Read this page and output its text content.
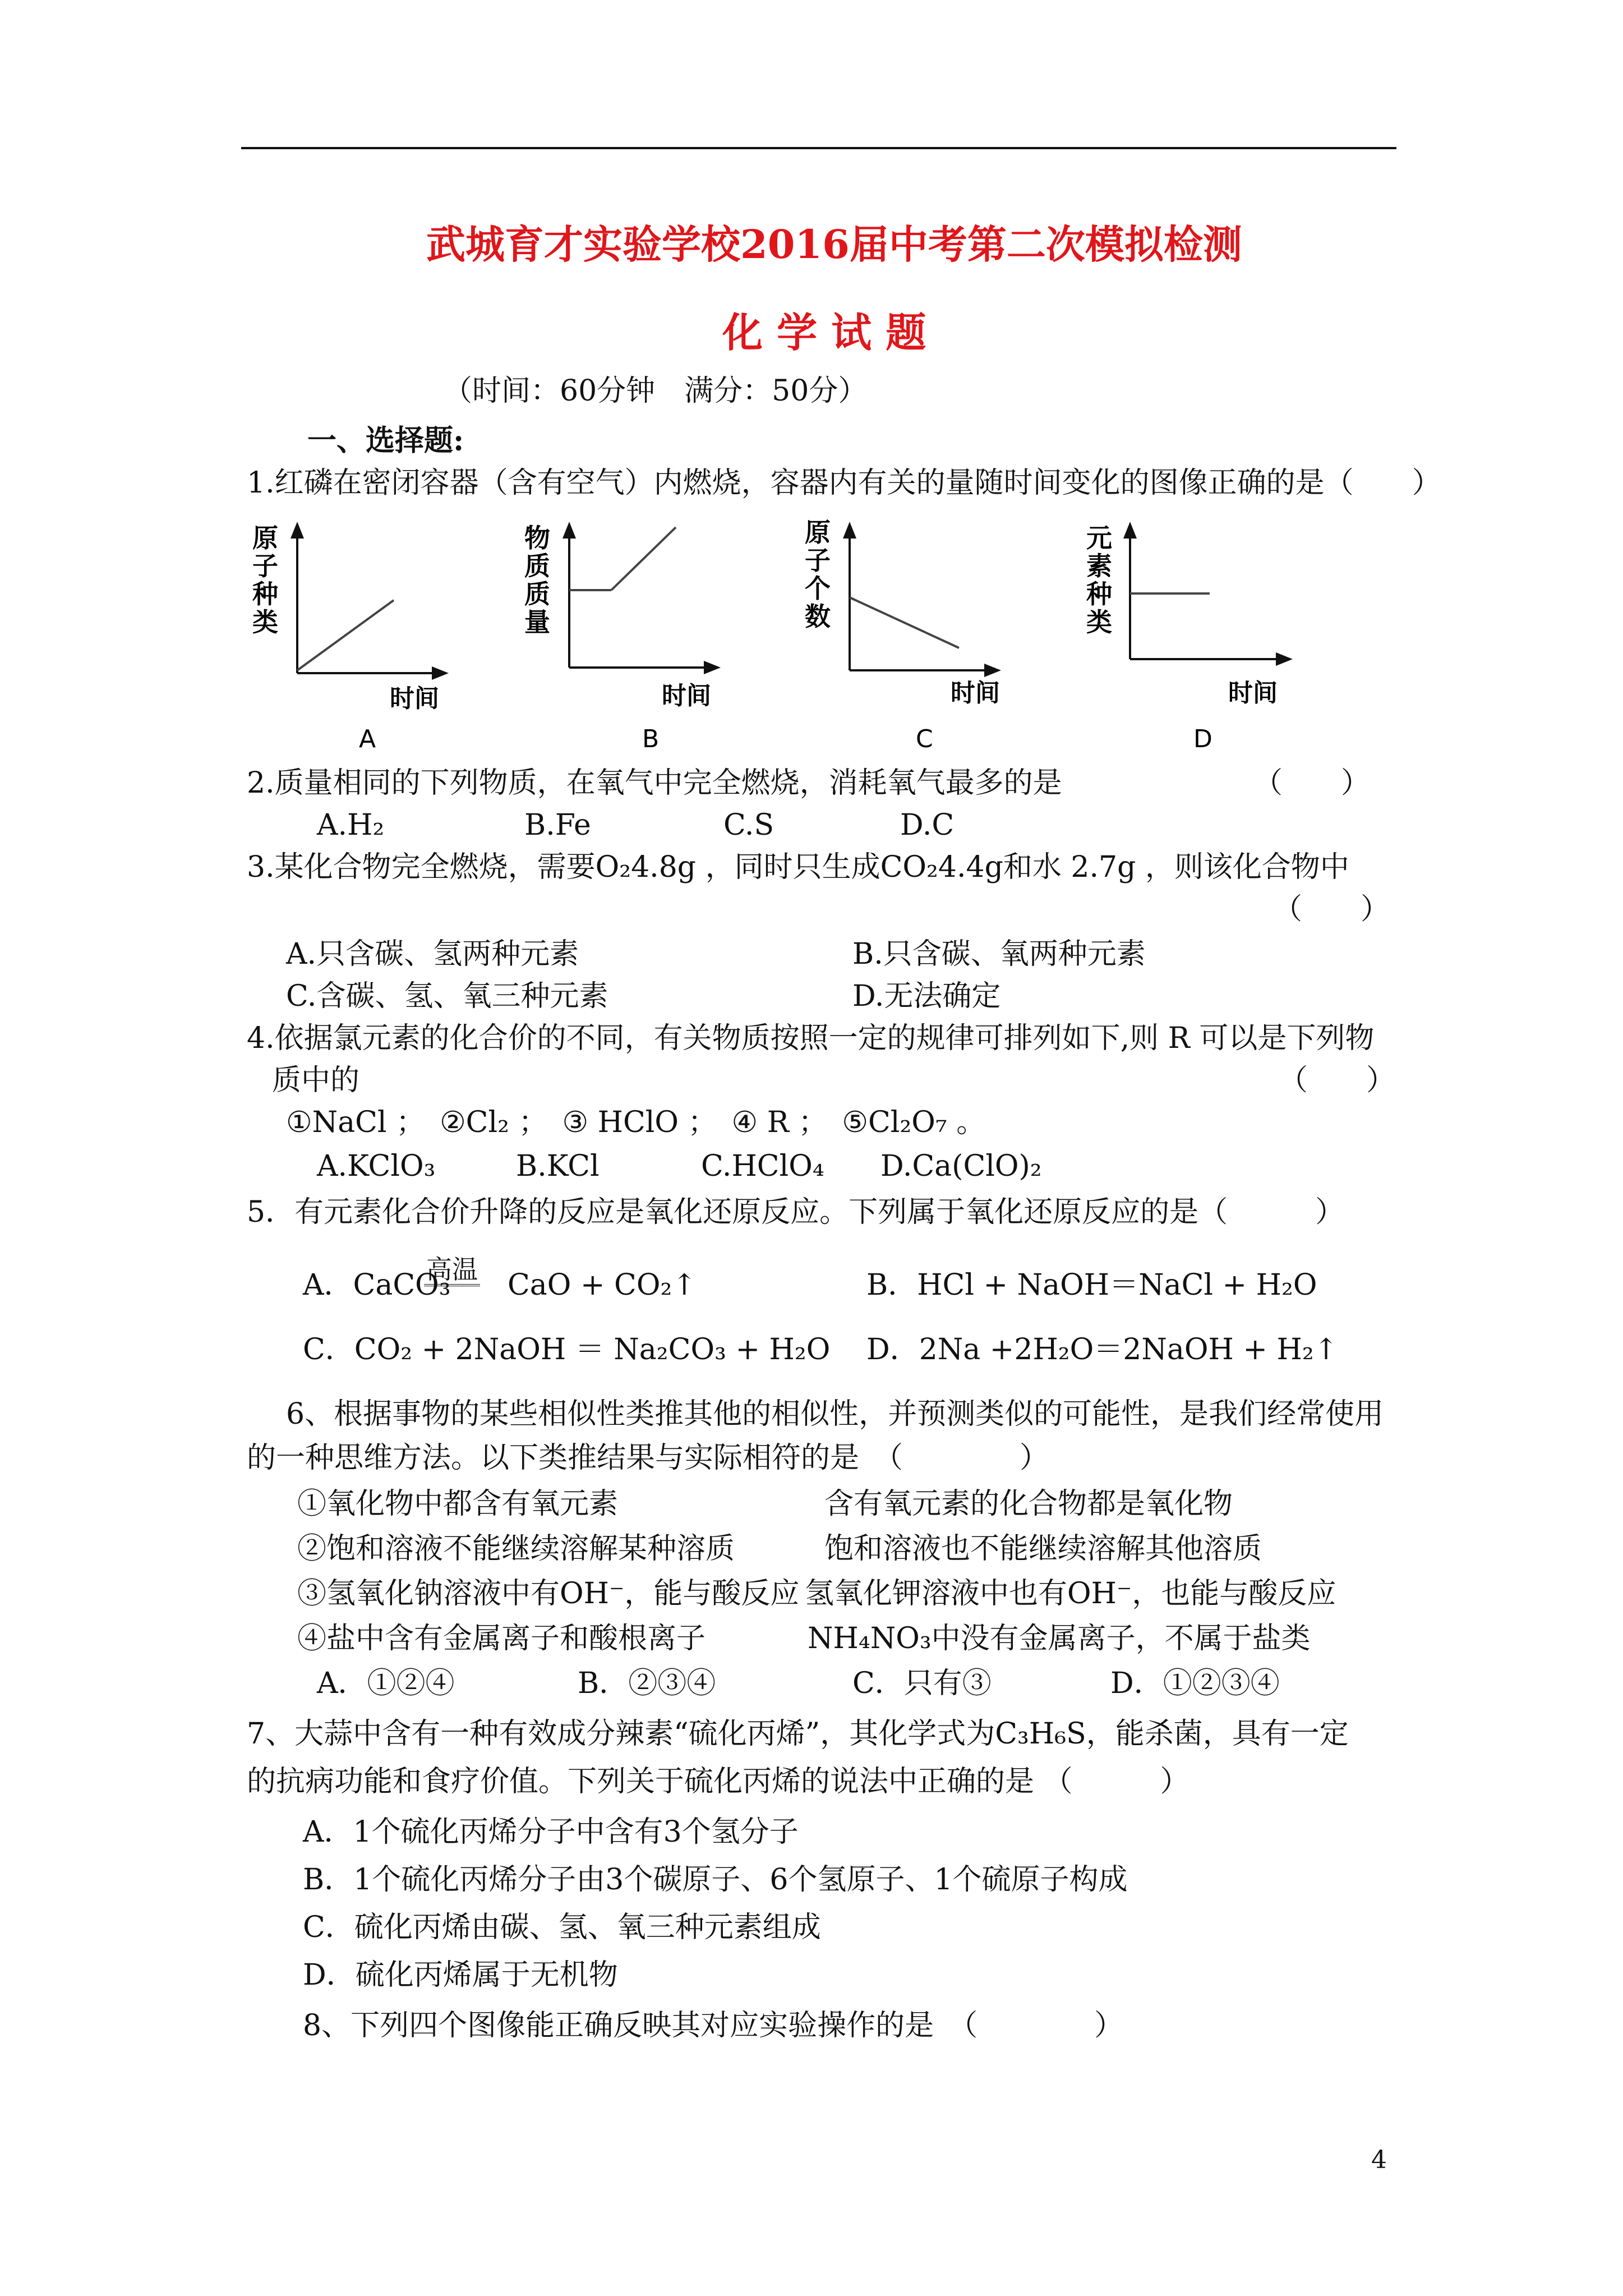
武城育才实验学校2016届中考第二次模拟检测
化 学 试 题
（时间：60分钟　满分：50分）
一、选择题:
1.红磷在密闭容器（含有空气）内燃烧，容器内有关的量随时间变化的图像正确的是（　　）
原
子
种
类
时间
A
物
质
质
量
时间
B
原
子
个
数
时间
C
元
素
种
类
时间
D
2.质量相同的下列物质，在氧气中完全燃烧，消耗氧气最多的是	（　　）
A.H₂	B.Fe	C.S	D.C
3.某化合物完全燃烧，需要O₂4.8g ，同时只生成CO₂4.4g和水 2.7g ，则该化合物中
（　　）
A.只含碳、氢两种元素	B.只含碳、氧两种元素
C.含碳、氢、氧三种元素	D.无法确定
4.依据氯元素的化合价的不同，有关物质按照一定的规律可排列如下,则 R 可以是下列物
质中的	（　　）
①NaCl ；　②Cl₂ ；　③ HClO ；　④ R ；　⑤Cl₂O₇ 。
A.KClO₃	B.KCl	C.HClO₄ D.Ca(ClO)₂
5．有元素化合价升降的反应是氧化还原反应。下列属于氧化还原反应的是（　　　）
A．CaCO₃
高温 CaO + CO₂↑	B．HCl + NaOH＝NaCl + H₂O
C．CO₂ + 2NaOH ＝ Na₂CO₃ + H₂O D．2Na +2H₂O＝2NaOH + H₂↑
6、根据事物的某些相似性类推其他的相似性，并预测类似的可能性，是我们经常使用
的一种思维方法。以下类推结果与实际相符的是　（　　　　）
①氧化物中都含有氧元素	含有氧元素的化合物都是氧化物
②饱和溶液不能继续溶解某种溶质	饱和溶液也不能继续溶解其他溶质
③氢氧化钠溶液中有OH⁻，能与酸反应 氢氧化钾溶液中也有OH⁻，也能与酸反应
④盐中含有金属离子和酸根离子	NH₄NO₃中没有金属离子，不属于盐类
A．①②④	B．②③④	C．只有③	D．①②③④
7、大蒜中含有一种有效成分辣素“硫化丙烯”，其化学式为C₃H₆S，能杀菌，具有一定
的抗病功能和食疗价值。下列关于硫化丙烯的说法中正确的是 （　　　）
A．1个硫化丙烯分子中含有3个氢分子
B．1个硫化丙烯分子由3个碳原子、6个氢原子、1个硫原子构成
C．硫化丙烯由碳、氢、氧三种元素组成
D．硫化丙烯属于无机物
8、下列四个图像能正确反映其对应实验操作的是　（　　　　）
4
